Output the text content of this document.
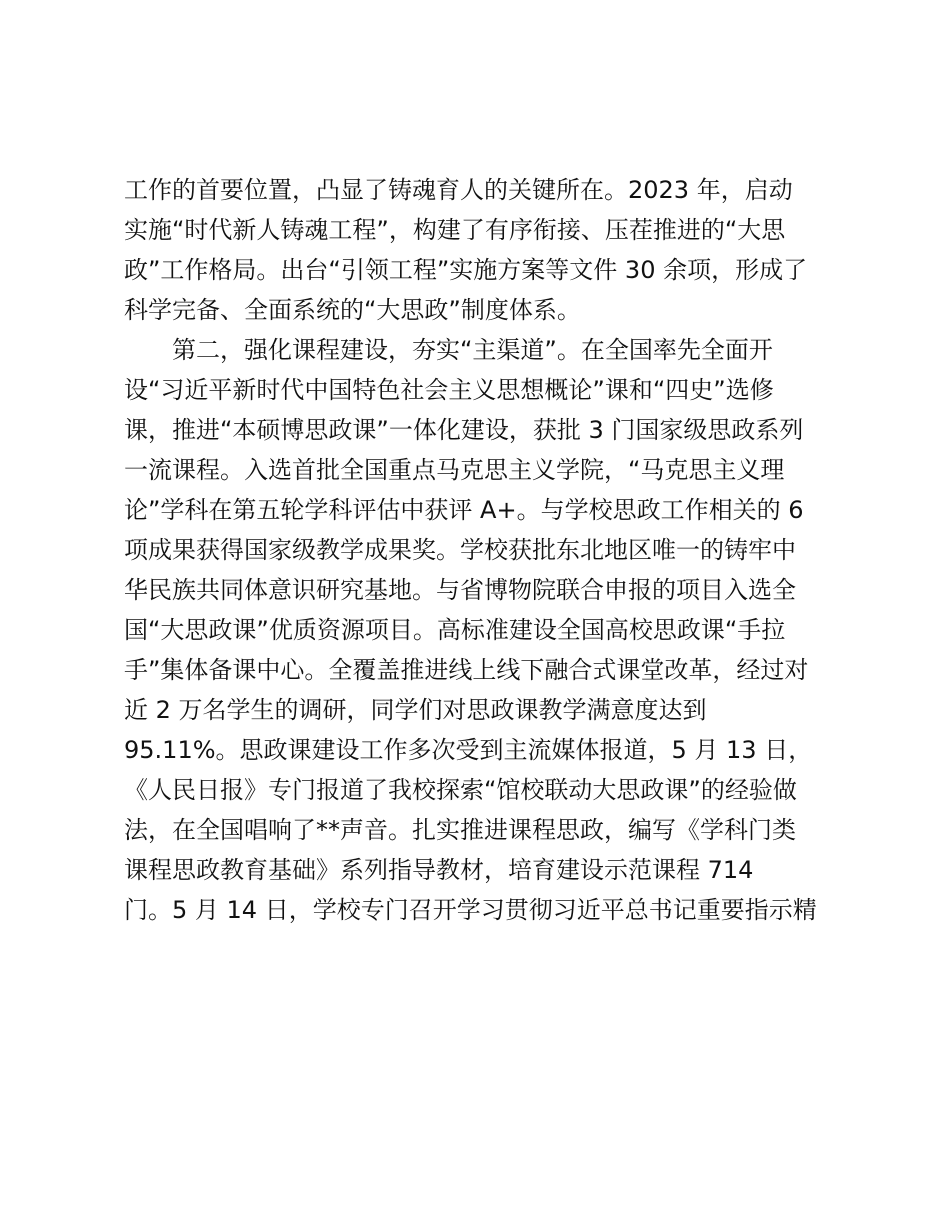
工作的首要位置，凸显了铸魂育人的关键所在。2023 年，启动
实施“时代新人铸魂工程”，构建了有序衔接、压茬推进的“大思
政”工作格局。出台“引领工程”实施方案等文件 30 余项，形成了
科学完备、全面系统的“大思政”制度体系。
第二，强化课程建设，夯实“主渠道”。在全国率先全面开
设“习近平新时代中国特色社会主义思想概论”课和“四史”选修
课，推进“本硕博思政课”一体化建设，获批 3 门国家级思政系列
一流课程。入选首批全国重点马克思主义学院，“马克思主义理
论”学科在第五轮学科评估中获评 A+。与学校思政工作相关的 6
项成果获得国家级教学成果奖。学校获批东北地区唯一的铸牢中
华民族共同体意识研究基地。与省博物院联合申报的项目入选全
国“大思政课”优质资源项目。高标准建设全国高校思政课“手拉
手”集体备课中心。全覆盖推进线上线下融合式课堂改革，经过对
近 2 万名学生的调研，同学们对思政课教学满意度达到
95.11%。思政课建设工作多次受到主流媒体报道，5 月 13 日，
《人民日报》专门报道了我校探索“馆校联动大思政课”的经验做
法，在全国唱响了**声音。扎实推进课程思政，编写《学科门类
课程思政教育基础》系列指导教材，培育建设示范课程 714
门。5 月 14 日，学校专门召开学习贯彻习近平总书记重要指示精
